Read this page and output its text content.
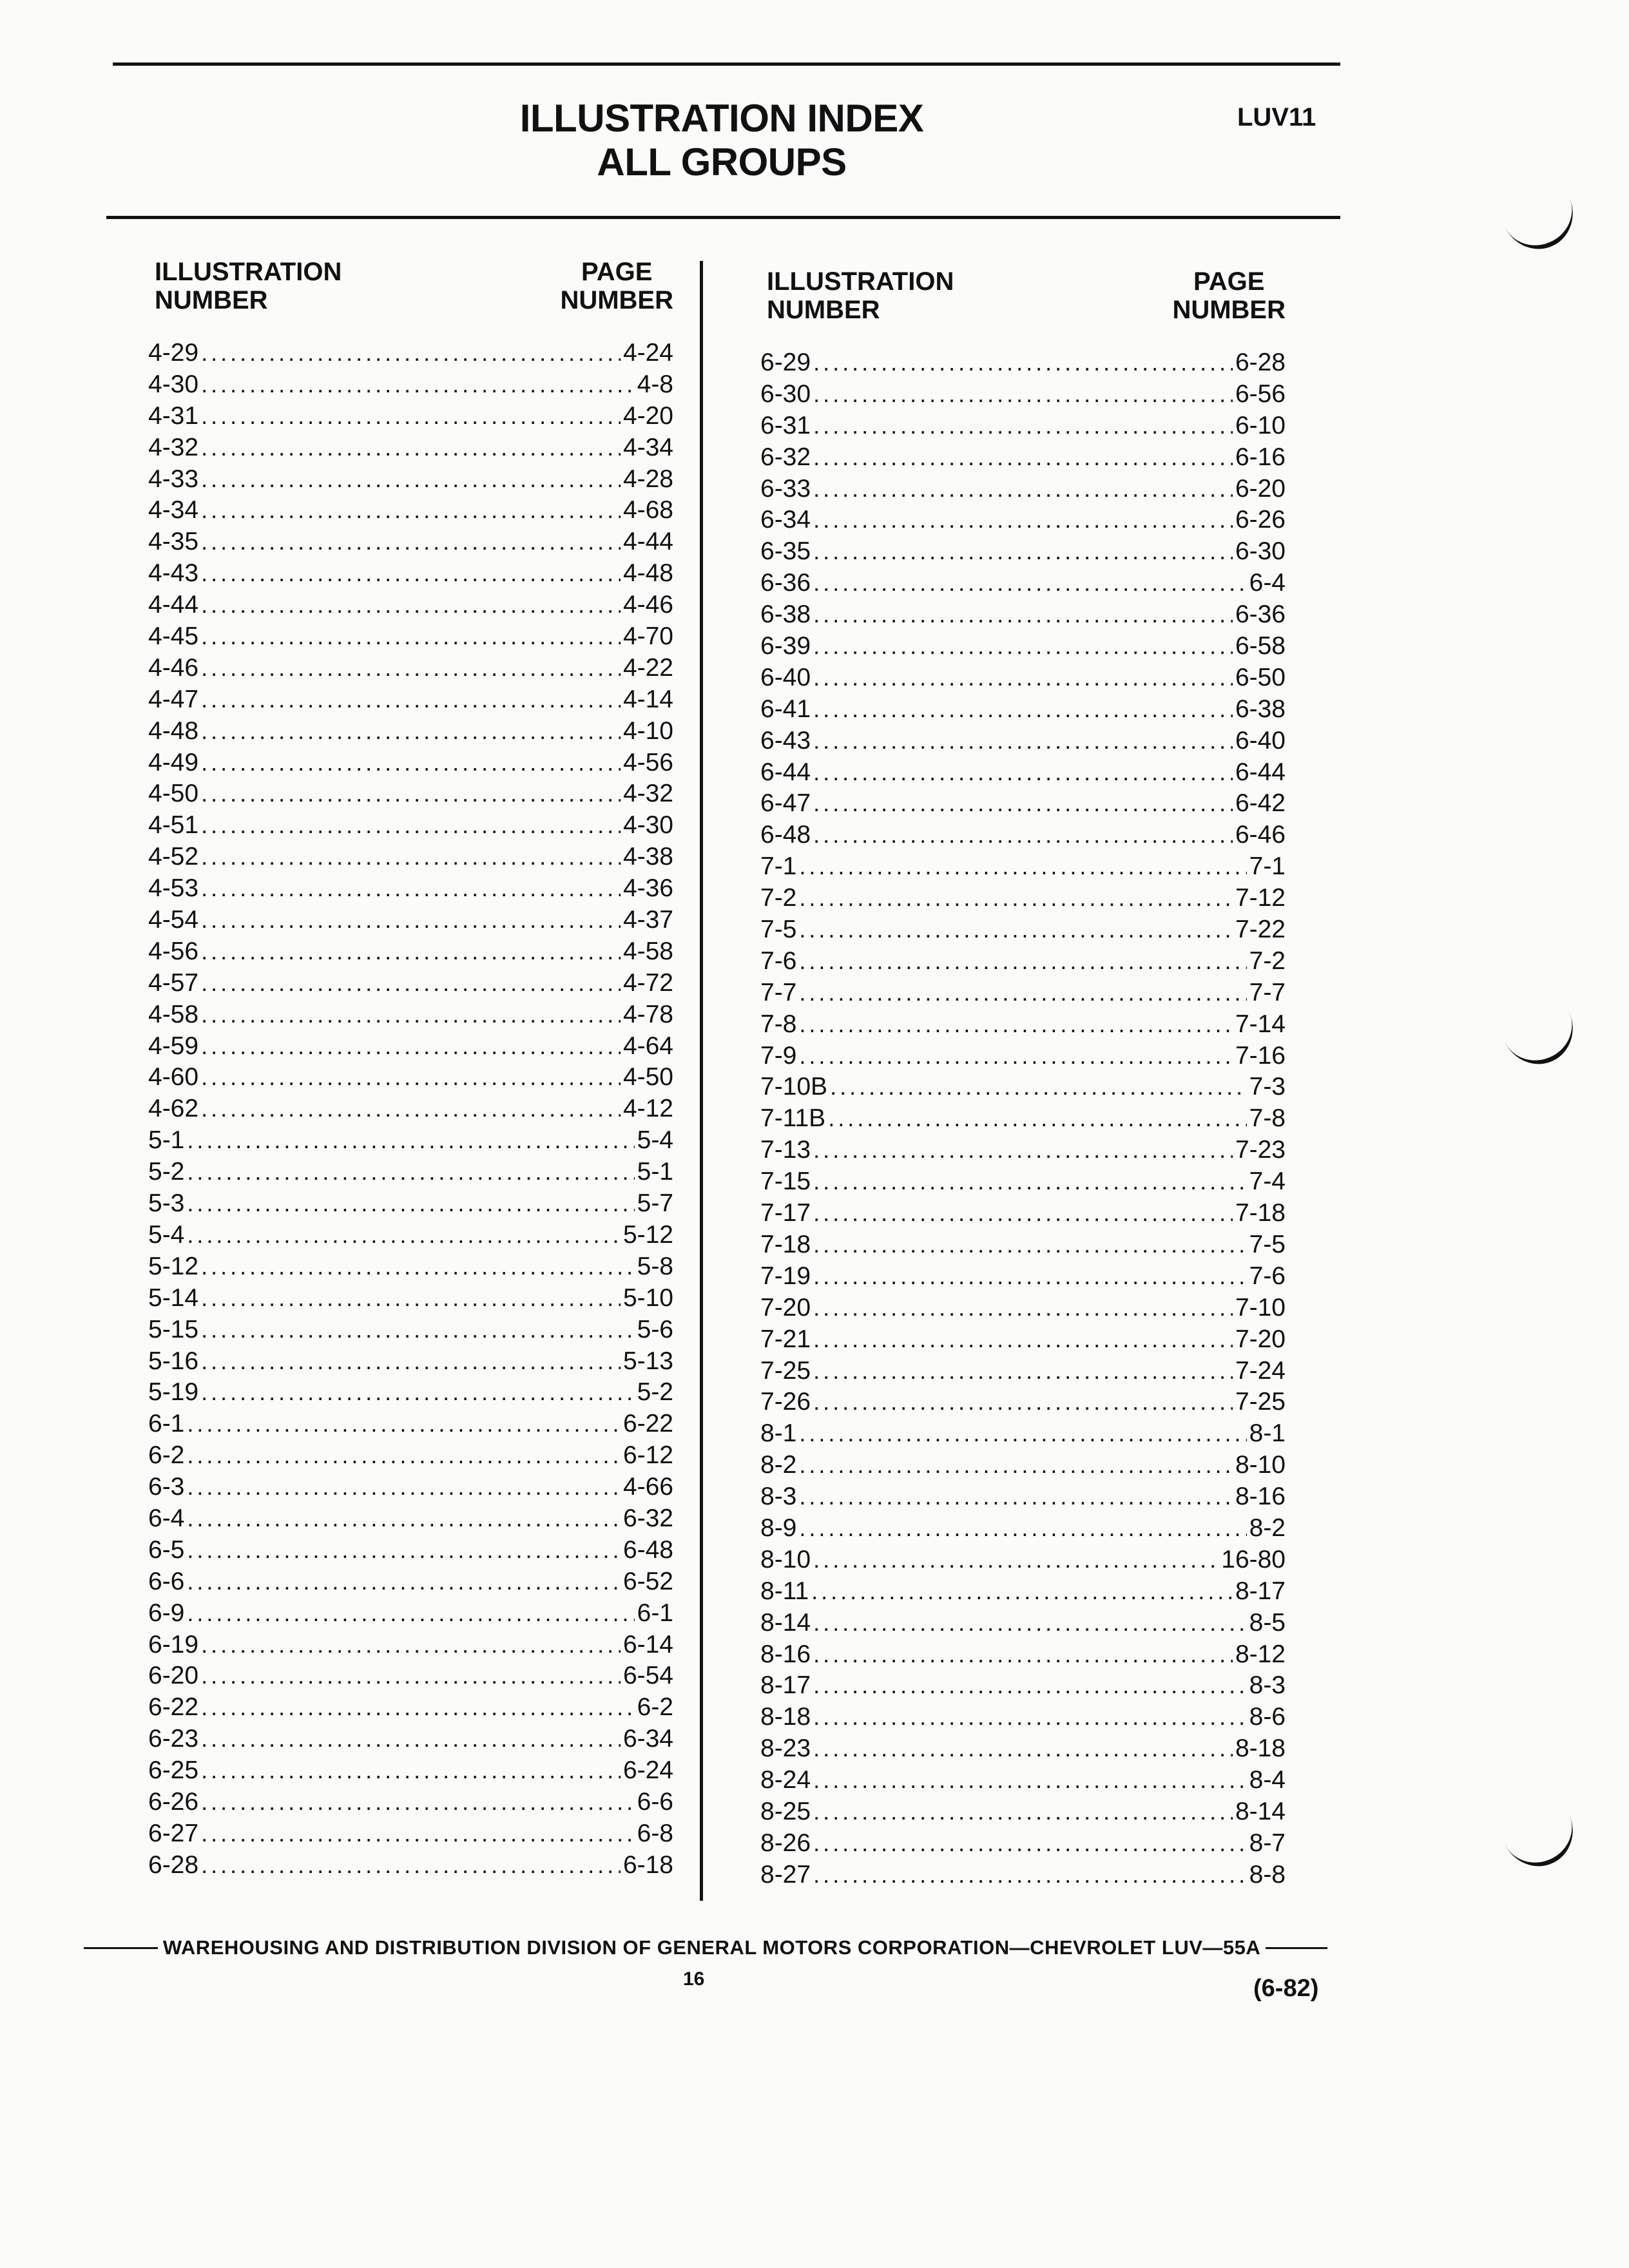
ILLUSTRATION INDEX
ALL GROUPS
LUV11
ILLUSTRATION
NUMBER
PAGE
NUMBER
4-29 .....	4-24
4-30 .....	4-8
4-31 .....	4-20
4-32 .....	4-34
4-33 .....	4-28
4-34 .....	4-68
4-35 .....	4-44
4-43 .....	4-48
4-44 .....	4-46
4-45 .....	4-70
4-46 .....	4-22
4-47 .....	4-14
4-48 .....	4-10
4-49 .....	4-56
4-50 .....	4-32
4-51 .....	4-30
4-52 .....	4-38
4-53 .....	4-36
4-54 .....	4-37
4-56 .....	4-58
4-57 .....	4-72
4-58 .....	4-78
4-59 .....	4-64
4-60 .....	4-50
4-62 .....	4-12
5-1 .....	5-4
5-2 .....	5-1
5-3 .....	5-7
5-4 .....	5-12
5-12 .....	5-8
5-14 .....	5-10
5-15 .....	5-6
5-16 .....	5-13
5-19 .....	5-2
6-1 .....	6-22
6-2 .....	6-12
6-3 .....	4-66
6-4 .....	6-32
6-5 .....	6-48
6-6 .....	6-52
6-9 .....	6-1
6-19 .....	6-14
6-20 .....	6-54
6-22 .....	6-2
6-23 .....	6-34
6-25 .....	6-24
6-26 .....	6-6
6-27 .....	6-8
6-28 .....	6-18
ILLUSTRATION
NUMBER
PAGE
NUMBER
6-29 .....	6-28
6-30 .....	6-56
6-31 .....	6-10
6-32 .....	6-16
6-33 .....	6-20
6-34 .....	6-26
6-35 .....	6-30
6-36 .....	6-4
6-38 .....	6-36
6-39 .....	6-58
6-40 .....	6-50
6-41 .....	6-38
6-43 .....	6-40
6-44 .....	6-44
6-47 .....	6-42
6-48 .....	6-46
7-1 .....	7-1
7-2 .....	7-12
7-5 .....	7-22
7-6 .....	7-2
7-7 .....	7-7
7-8 .....	7-14
7-9 .....	7-16
7-10B .....	7-3
7-11B .....	7-8
7-13 .....	7-23
7-15 .....	7-4
7-17 .....	7-18
7-18 .....	7-5
7-19 .....	7-6
7-20 .....	7-10
7-21 .....	7-20
7-25 .....	7-24
7-26 .....	7-25
8-1 .....	8-1
8-2 .....	8-10
8-3 .....	8-16
8-9 .....	8-2
8-10 .....	16-80
8-11 .....	8-17
8-14 .....	8-5
8-16 .....	8-12
8-17 .....	8-3
8-18 .....	8-6
8-23 .....	8-18
8-24 .....	8-4
8-25 .....	8-14
8-26 .....	8-7
8-27 .....	8-8
WAREHOUSING AND DISTRIBUTION DIVISION OF GENERAL MOTORS CORPORATION—CHEVROLET LUV—55A
16	(6-82)
